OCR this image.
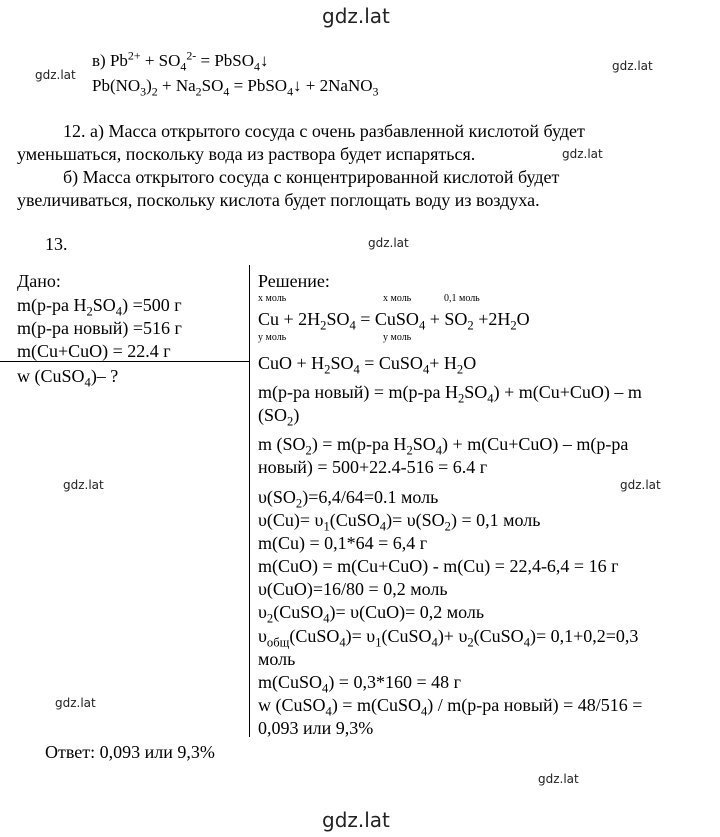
gdz.lat
gdz.lat
gdz.lat
gdz.lat
gdz.lat
gdz.lat	gdz.lat
gdz.lat
gdz.lat
gdz.lat
в) $Pb^{2+} + SO_4^{2-}$ = PbSO$_4$↓
$Pb(NO_3)_2 + Na_2SO_4$ = PbSO$_4$↓ + 2NaNO$_3$
12. а) Масса открытого сосуда с очень разбавленной кислотой будет
уменьшаться, поскольку вода из раствора будет испаряться.
б) Масса открытого сосуда с концентрированной кислотой будет
увеличиваться, поскольку кислота будет поглощать воду из воздуха.
13.
Дано:
m(р-ра $H_2SO_4) =500$ г
m(р-ра новый) =516 г
m(Cu+CuO) = 22.4 г
w (CuSO$_4$)– ?
Решение:
х моль	х моль	0,1 моль
$Cu + 2H_2SO_4$ = CuSO$_4$ + $SO_2 +2H_2O$
у моль	у моль
CuO + $H_2SO_4$ = CuSO$_4$+ $H_2O$
m(р-ра новый) = m(р-ра $H_2SO_4) + m(Cu+CuO) - m$
$(SO_2)$
m $(SO_2) = m(р-ра$ $H_2SO_4) + m(Cu+CuO) - m(р-ра$
новый) = 500+22.4-516 = 6.4 г
$\upsilon(SO_2)=6,4/64=0.1$ моль
$\upsilon(Cu)= \upsilon_1(CuSO_4)= \upsilon(SO_2) = 0,1$ моль
m(Cu) = 0,1*64 = 6,4 г
m(CuO) = m(Cu+CuO) - m(Cu) = 22,4-6,4 = 16 г
υ(CuO)=16/80 = 0,2 моль
$\upsilon_2(CuSO_4)= \upsilon(CuO)= 0,2$ моль
$\upsilon_{общ}(CuSO_4)=$ $\upsilon_1(CuSO_4)+$ $\upsilon_2(CuSO_4)= 0,1+0,2=0,3$
моль
m(CuSO$_4$) = 0,3*160 = 48 г
w (CuSO$_4$) = m(CuSO$_4$) / m(р-ра новый) = 48/516 =
0,093 или 9,3%
Ответ: 0,093 или 9,3%
